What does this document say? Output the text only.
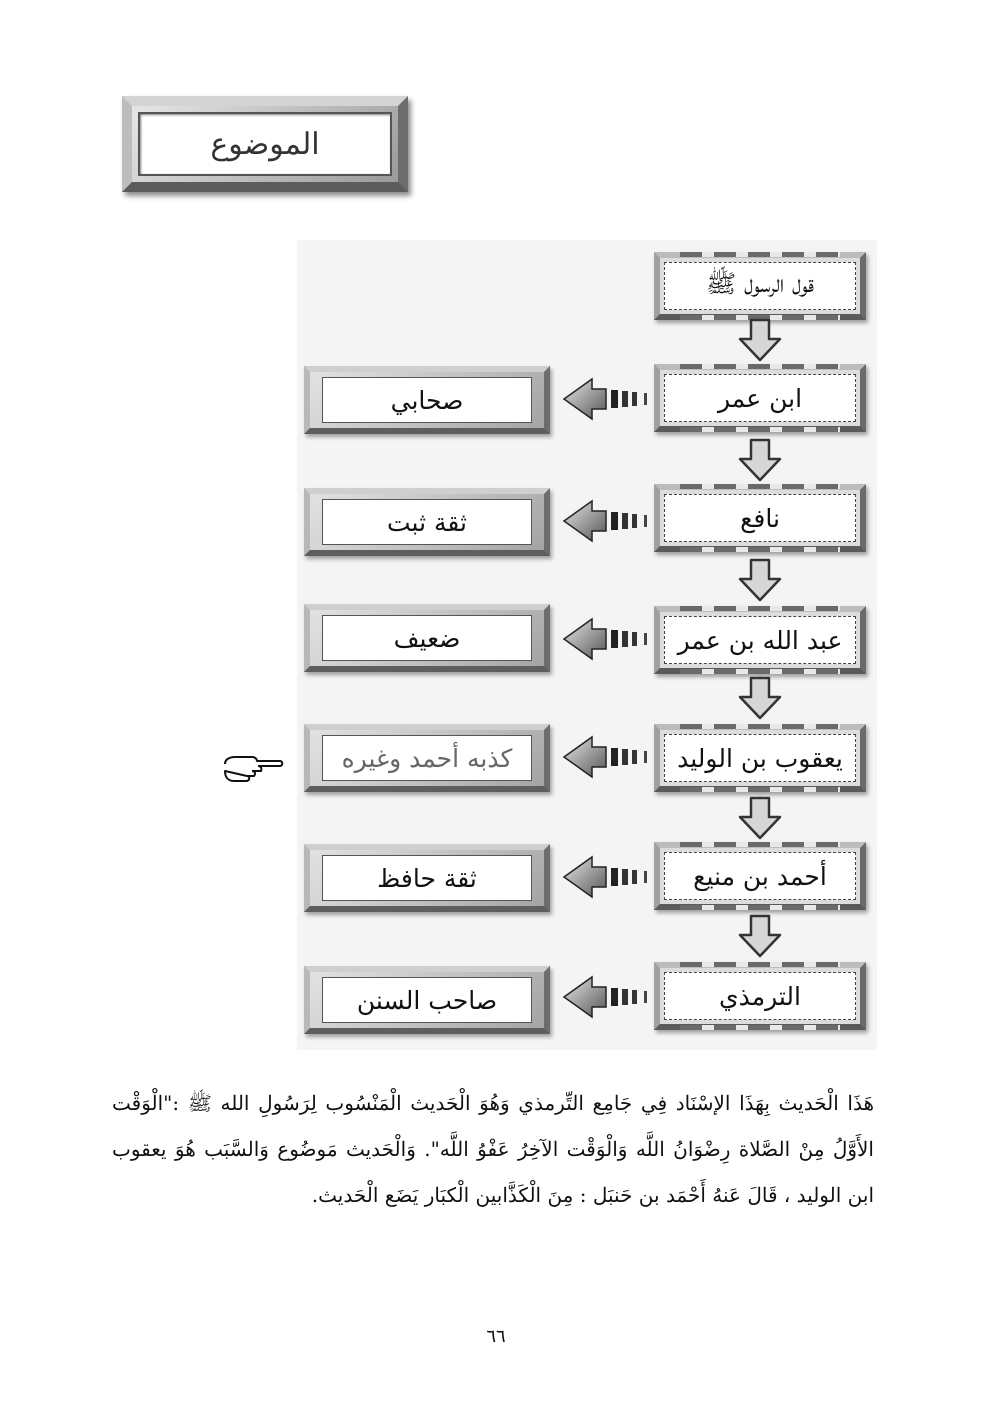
الموضوع
قول الرسول ﷺ
ابن عمر
نافع
عبد الله بن عمر
يعقوب بن الوليد
أحمد بن منيع
الترمذي
صحابي
ثقة ثبت
ضعيف
كذبه أحمد وغيره
ثقة حافظ
صاحب السنن

هَذَا الْحَديث بِهَذَا الإسْنَاد فِي جَامِع التِّرمذي وَهُوَ الْحَديث الْمَنْسُوب لِرَسُولِ الله ﷺ :"الْوَقْت الأَوَّلُ مِنْ الصَّلاة رِضْوَانُ اللَّه وَالْوَقْت الآخِرُ عَفْوُ اللَّه". وَالْحَديث مَوضُوع وَالسَّبَب هُوَ يعقوب ابن الوليد ، قَالَ عَنهُ أَحْمَد بن حَنبَل : مِنَ الْكَذَّابين الْكبَار يَضَع الْحَديث.

٦٦
